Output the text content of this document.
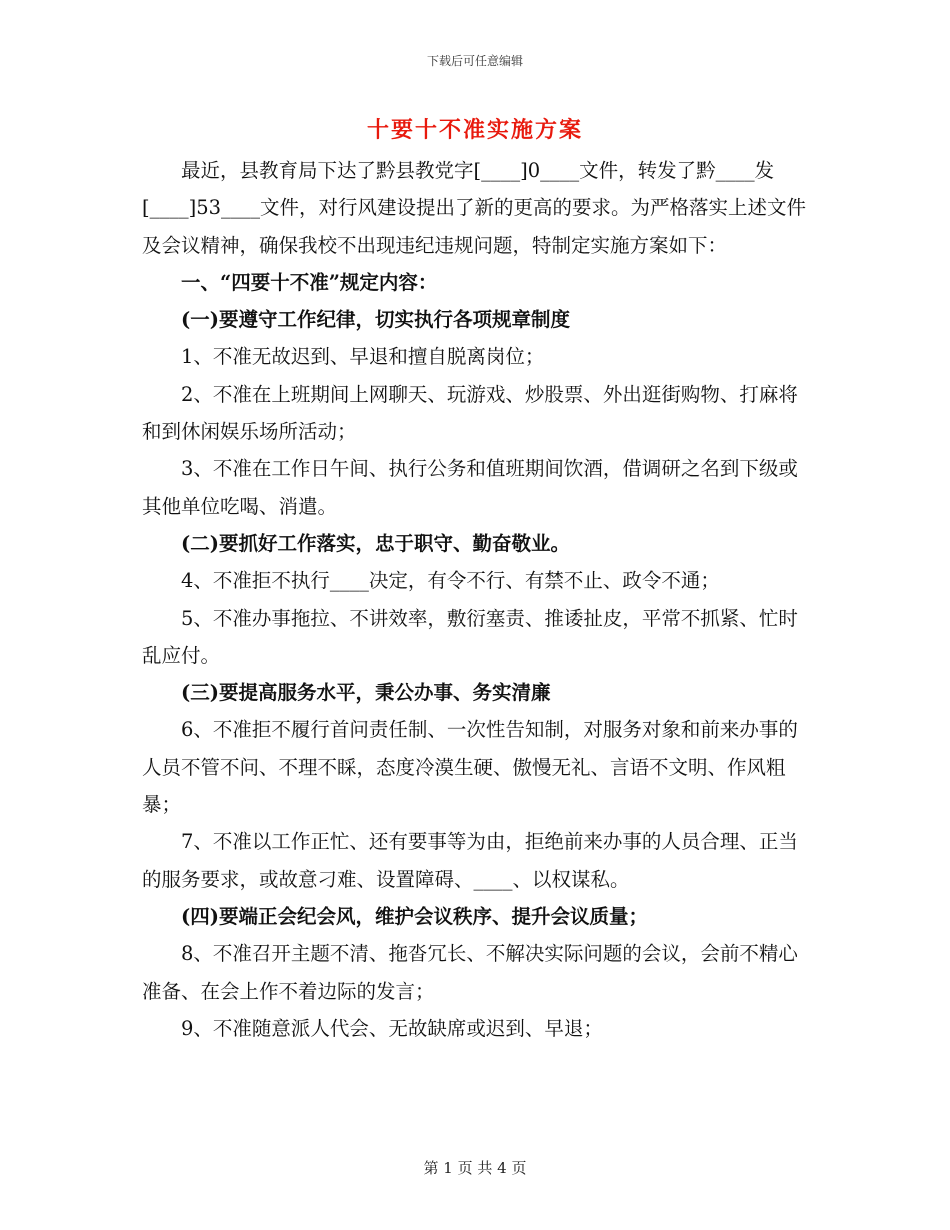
下载后可任意编辑
十要十不准实施方案

最近，县教育局下达了黔县教党字[____]0____文件，转发了黔____发[____]53____文件，对行风建设提出了新的更高的要求。为严格落实上述文件及会议精神，确保我校不出现违纪违规问题，特制定实施方案如下：

一、“四要十不准”规定内容：

(一)要遵守工作纪律，切实执行各项规章制度

1、不准无故迟到、早退和擅自脱离岗位；

2、不准在上班期间上网聊天、玩游戏、炒股票、外出逛街购物、打麻将和到休闲娱乐场所活动；

3、不准在工作日午间、执行公务和值班期间饮酒，借调研之名到下级或其他单位吃喝、消遣。

(二)要抓好工作落实，忠于职守、勤奋敬业。

4、不准拒不执行____决定，有令不行、有禁不止、政令不通；

5、不准办事拖拉、不讲效率，敷衍塞责、推诿扯皮，平常不抓紧、忙时乱应付。

(三)要提高服务水平，秉公办事、务实清廉

6、不准拒不履行首问责任制、一次性告知制，对服务对象和前来办事的人员不管不问、不理不睬，态度冷漠生硬、傲慢无礼、言语不文明、作风粗暴；

7、不准以工作正忙、还有要事等为由，拒绝前来办事的人员合理、正当的服务要求，或故意刁难、设置障碍、____、以权谋私。

(四)要端正会纪会风，维护会议秩序、提升会议质量；

8、不准召开主题不清、拖沓冗长、不解决实际问题的会议，会前不精心准备、在会上作不着边际的发言；

9、不准随意派人代会、无故缺席或迟到、早退；

第 1 页 共 4 页
